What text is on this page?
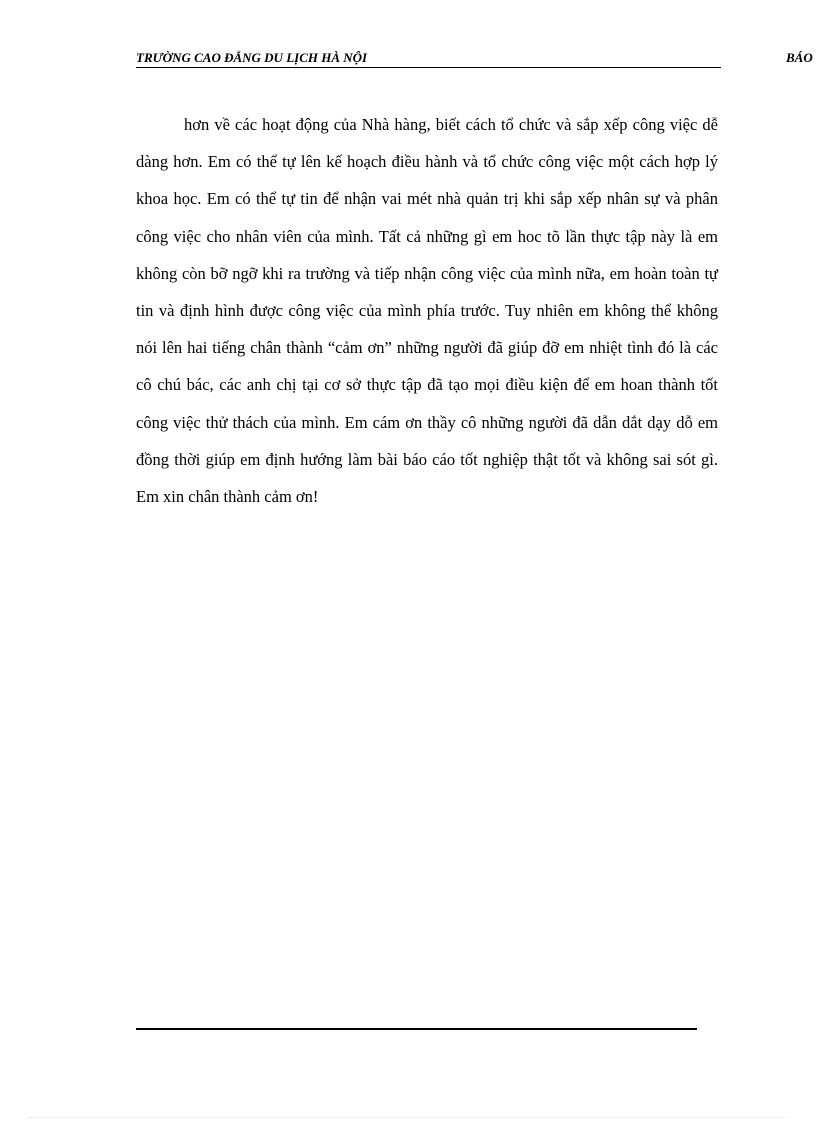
TRƯỜNG CAO ĐẲNG DU LỊCH HÀ NỘI	BÁO

hơn về các hoạt động của Nhà hàng, biết cách tổ chức và sắp xếp công việc dễ dàng hơn. Em có thể tự lên kế hoạch điều hành và tổ chức công việc một cách hợp lý khoa học. Em có thể tự tin để nhận vai mét nhà quản trị khi sắp xếp nhân sự và phân công việc cho nhân viên của mình. Tất cả những gì em hoc tõ lần thực tập này là em không còn bỡ ngỡ khi ra trường và tiếp nhận công việc của mình nữa, em hoàn toàn tự tin và định hình được công việc của mình phía trước. Tuy nhiên em không thể không nói lên hai tiếng chân thành “cảm ơn” những người đã giúp đỡ em nhiệt tình đó là các cô chú bác, các anh chị tại cơ sở thực tập đã tạo mọi điều kiện để em hoan thành tốt công việc thử thách của mình. Em cám ơn thầy cô những người đã dẫn dắt dạy dỗ em đồng thời giúp em định hướng làm bài báo cáo tốt nghiệp thật tốt và không sai sót gì. Em xin chân thành cảm ơn!
